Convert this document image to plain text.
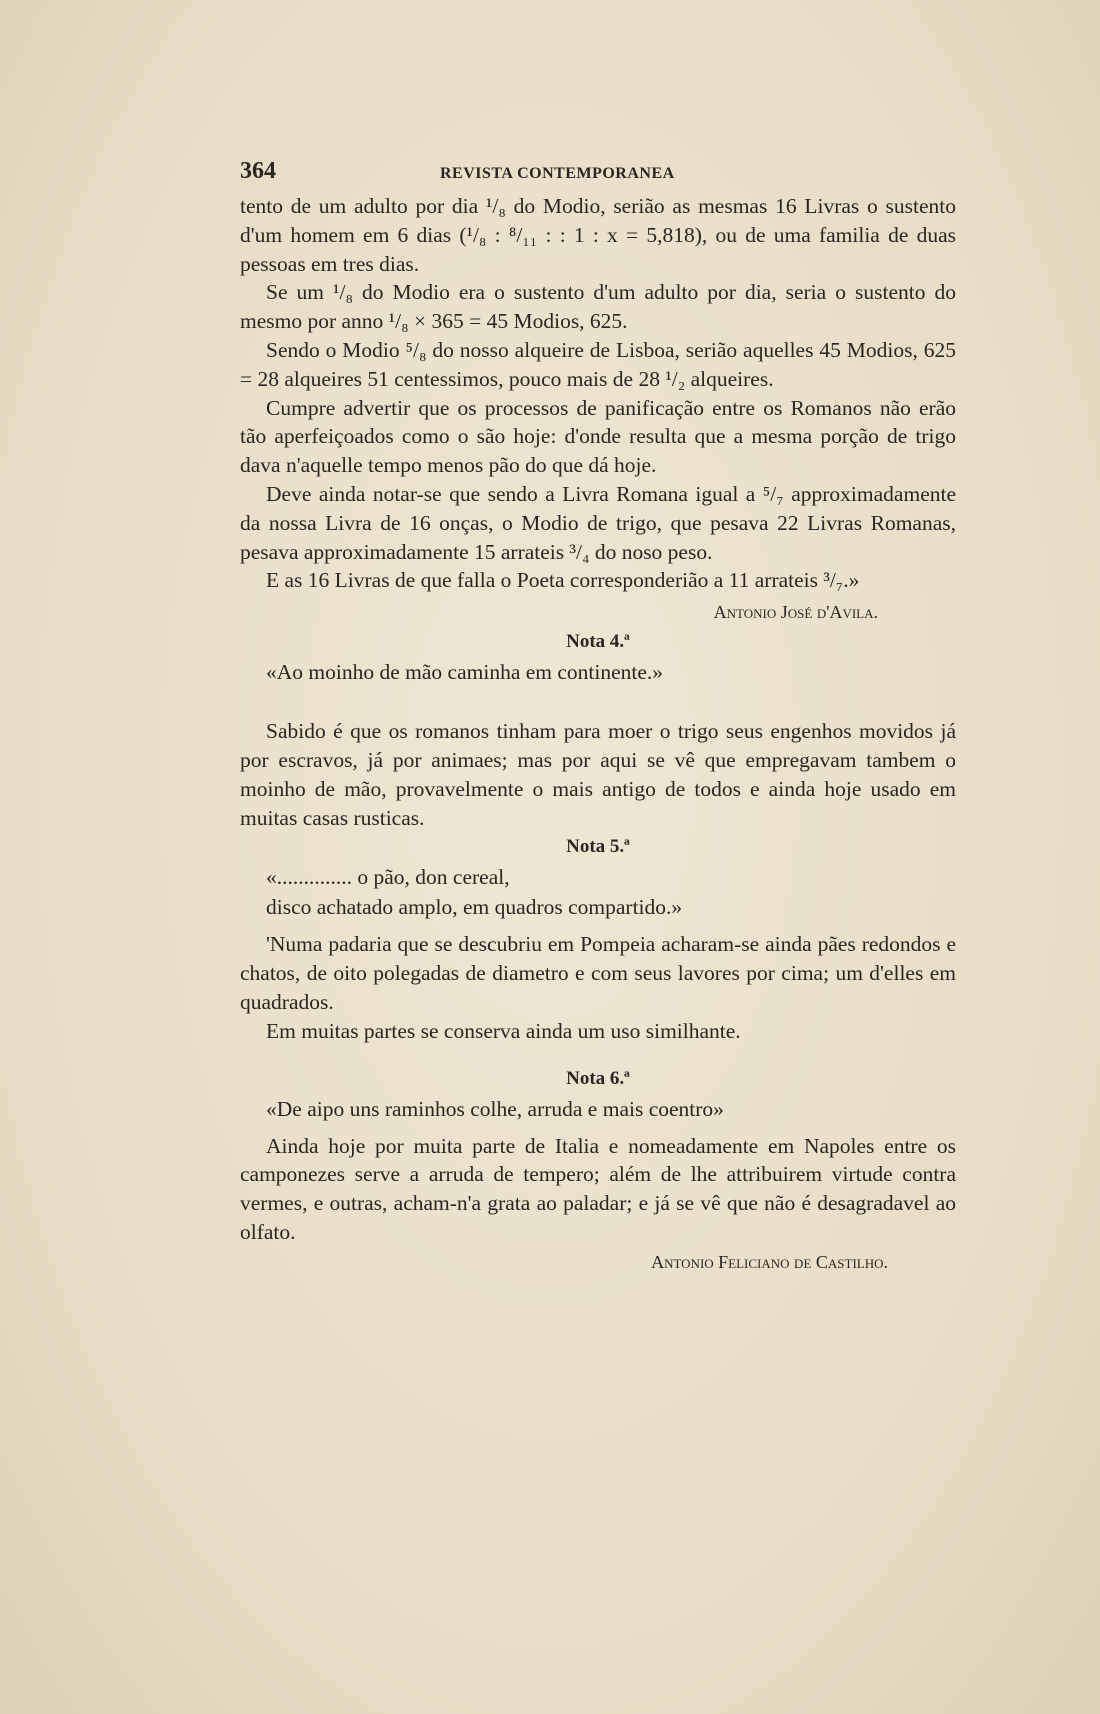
364	REVISTA CONTEMPORANEA

tento de um adulto por dia ¹/₈ do Modio, serião as mesmas 16 Livras o sustento d'um homem em 6 dias (¹/₈ : ⁸/₁₁ : : 1 : x = 5,818), ou de uma familia de duas pessoas em tres dias.

Se um ¹/₈ do Modio era o sustento d'um adulto por dia, seria o sustento do mesmo por anno ¹/₈ × 365 = 45 Modios, 625.

Sendo o Modio ⁵/₈ do nosso alqueire de Lisboa, serião aquelles 45 Modios, 625 = 28 alqueires 51 centessimos, pouco mais de 28 ¹/₂ alqueires.

Cumpre advertir que os processos de panificação entre os Romanos não erão tão aperfeiçoados como o são hoje: d'onde resulta que a mesma porção de trigo dava n'aquelle tempo menos pão do que dá hoje.

Deve ainda notar-se que sendo a Livra Romana igual a ⁵/₇ approximadamente da nossa Livra de 16 onças, o Modio de trigo, que pesava 22 Livras Romanas, pesava approximadamente 15 arrateis ³/₄ do noso peso.

E as 16 Livras de que falla o Poeta corresponderião a 11 arrateis ³/₇.»

Antonio José d'Avila.
Nota 4.ª
«Ao moinho de mão caminha em continente.»

Sabido é que os romanos tinham para moer o trigo seus engenhos movidos já por escravos, já por animaes; mas por aqui se vê que empregavam tambem o moinho de mão, provavelmente o mais antigo de todos e ainda hoje usado em muitas casas rusticas.

Nota 5.ª
«.............. o pão, don cereal,
disco achatado amplo, em quadros compartido.»

'Numa padaria que se descubriu em Pompeia acharam-se ainda pães redondos e chatos, de oito polegadas de diametro e com seus lavores por cima; um d'elles em quadrados.

Em muitas partes se conserva ainda um uso similhante.

Nota 6.ª
«De aipo uns raminhos colhe, arruda e mais coentro»

Ainda hoje por muita parte de Italia e nomeadamente em Napoles entre os camponezes serve a arruda de tempero; além de lhe attribuirem virtude contra vermes, e outras, acham-n'a grata ao paladar; e já se vê que não é desagradavel ao olfato.

Antonio Feliciano de Castilho.
